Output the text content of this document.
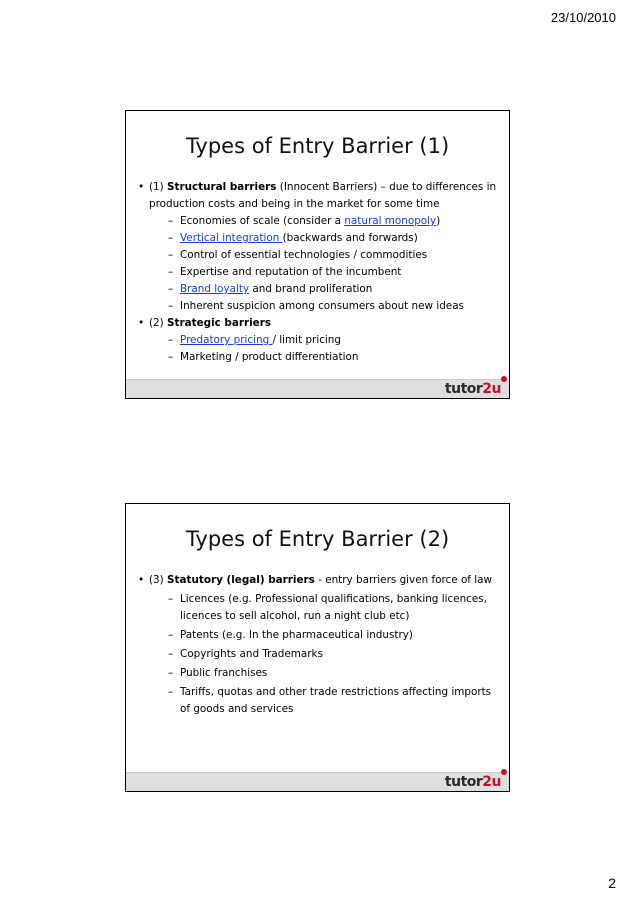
23/10/2010
Types of Entry Barrier (1)
• (1) Structural barriers (Innocent Barriers) – due to differences in production costs and being in the market for some time
– Economies of scale (consider a natural monopoly)
– Vertical integration (backwards and forwards)
– Control of essential technologies / commodities
– Expertise and reputation of the incumbent
– Brand loyalty and brand proliferation
– Inherent suspicion among consumers about new ideas
• (2) Strategic barriers
– Predatory pricing / limit pricing
– Marketing / product differentiation
tutor2u
Types of Entry Barrier (2)
• (3) Statutory (legal) barriers - entry barriers given force of law
– Licences (e.g. Professional qualifications, banking licences, licences to sell alcohol, run a night club etc)
– Patents (e.g. In the pharmaceutical industry)
– Copyrights and Trademarks
– Public franchises
– Tariffs, quotas and other trade restrictions affecting imports of goods and services
tutor2u
2
